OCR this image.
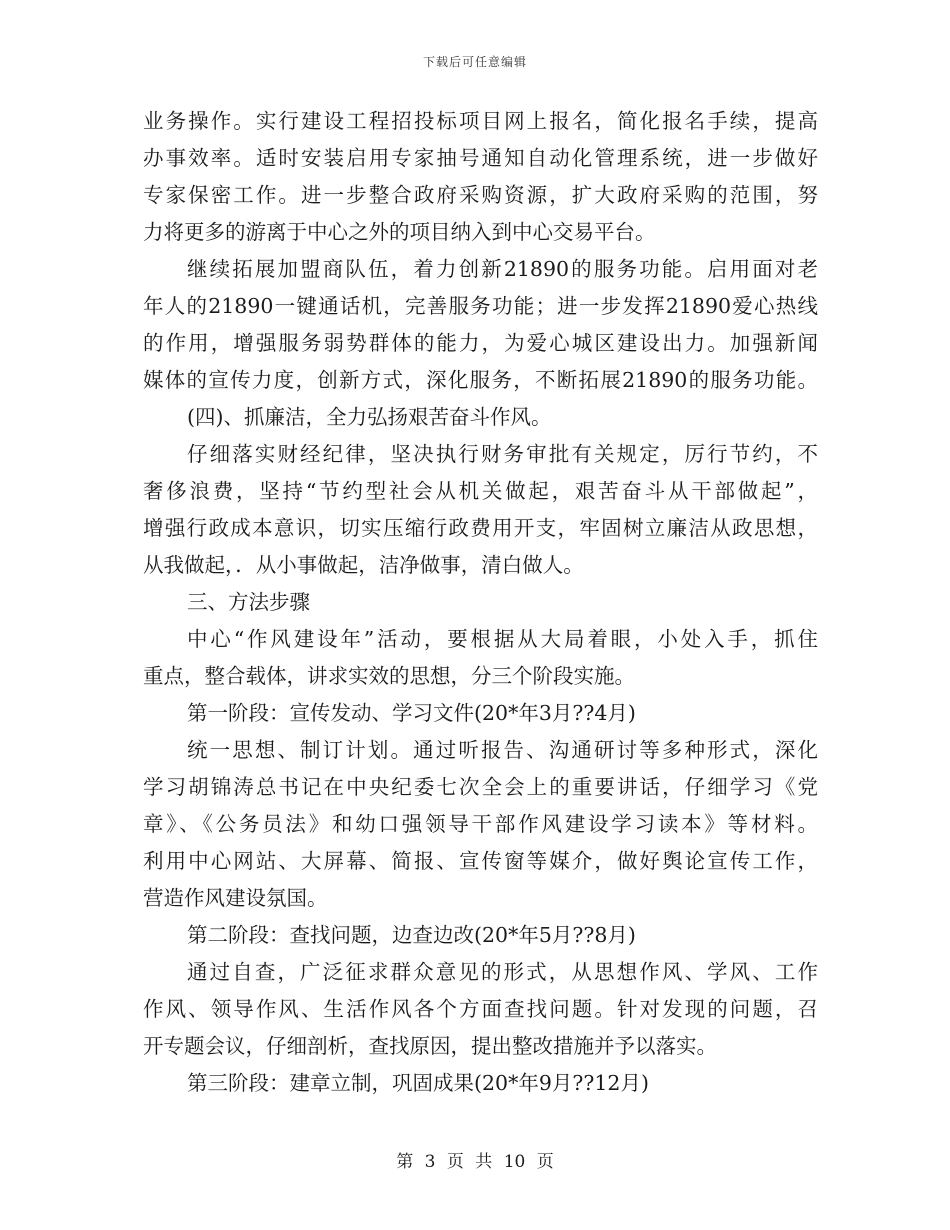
下载后可任意编辑
业务操作。实行建设工程招投标项目网上报名，简化报名手续，提高
办事效率。适时安装启用专家抽号通知自动化管理系统，进一步做好
专家保密工作。进一步整合政府采购资源，扩大政府采购的范围，努
力将更多的游离于中心之外的项目纳入到中心交易平台。
继续拓展加盟商队伍，着力创新21890的服务功能。启用面对老
年人的21890一键通话机，完善服务功能；进一步发挥21890爱心热线
的作用，增强服务弱势群体的能力，为爱心城区建设出力。加强新闻
媒体的宣传力度，创新方式，深化服务，不断拓展21890的服务功能。
(四)、抓廉洁，全力弘扬艰苦奋斗作风。
仔细落实财经纪律，坚决执行财务审批有关规定，厉行节约，不
奢侈浪费，坚持“节约型社会从机关做起，艰苦奋斗从干部做起”，
增强行政成本意识，切实压缩行政费用开支，牢固树立廉洁从政思想，
从我做起，．从小事做起，洁净做事，清白做人。
三、方法步骤
中心“作风建设年”活动，要根据从大局着眼，小处入手，抓住
重点，整合载体，讲求实效的思想，分三个阶段实施。
第一阶段：宣传发动、学习文件(20*年3月??4月)
统一思想、制订计划。通过听报告、沟通研讨等多种形式，深化
学习胡锦涛总书记在中央纪委七次全会上的重要讲话，仔细学习《党
章》、《公务员法》和幼口强领导干部作风建设学习读本》等材料。
利用中心网站、大屏幕、简报、宣传窗等媒介，做好舆论宣传工作，
营造作风建设氛国。
第二阶段：查找问题，边查边改(20*年5月??8月)
通过自查，广泛征求群众意见的形式，从思想作风、学风、工作
作风、领导作风、生活作风各个方面查找问题。针对发现的问题，召
开专题会议，仔细剖析，查找原因，提出整改措施并予以落实。
第三阶段：建章立制，巩固成果(20*年9月??12月)
第 3 页 共 10 页
